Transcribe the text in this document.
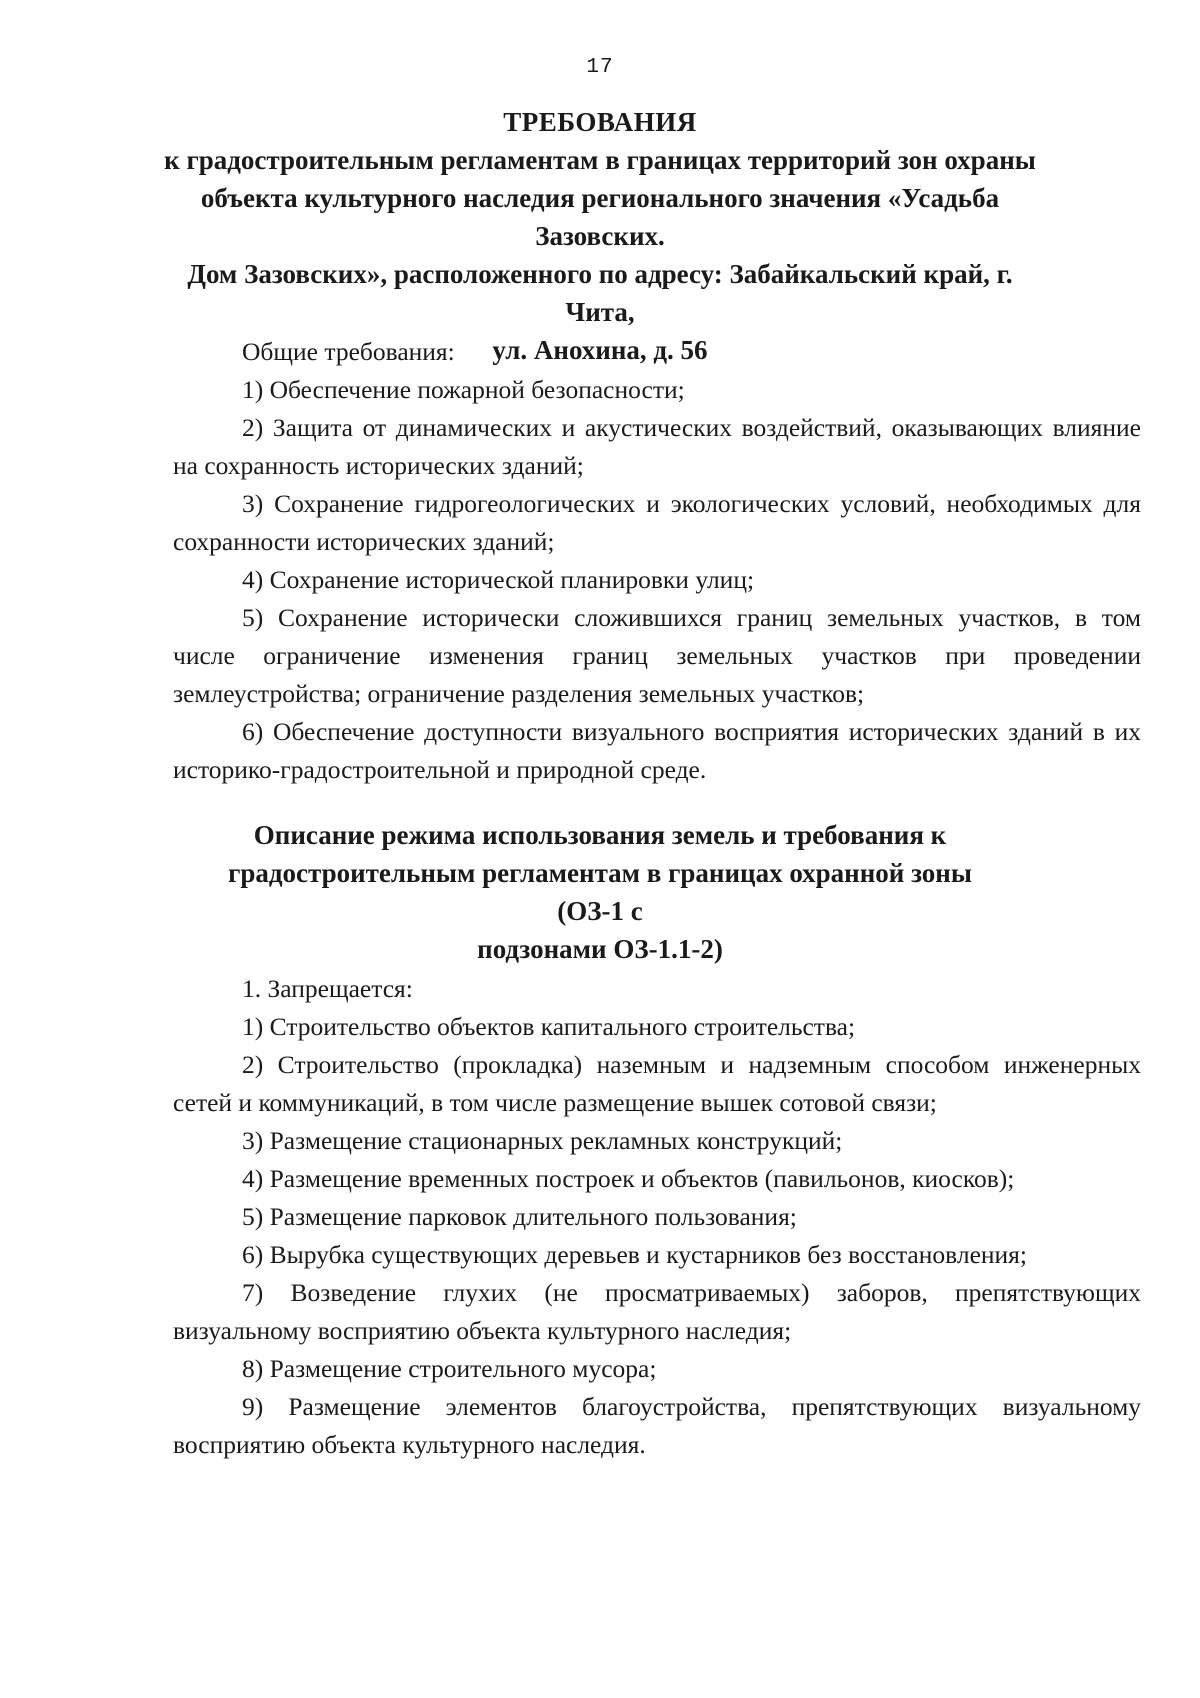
17
ТРЕБОВАНИЯ
к градостроительным регламентам в границах территорий зон охраны
объекта культурного наследия регионального значения «Усадьба Зазовских.
Дом Зазовских», расположенного по адресу: Забайкальский край, г. Чита,
ул. Анохина, д. 56

Общие требования:

1) Обеспечение пожарной безопасности;

2) Защита от динамических и акустических воздействий, оказывающих влияние на сохранность исторических зданий;

3) Сохранение гидрогеологических и экологических условий, необходимых для сохранности исторических зданий;

4) Сохранение исторической планировки улиц;

5) Сохранение исторически сложившихся границ земельных участков, в том числе ограничение изменения границ земельных участков при проведении землеустройства; ограничение разделения земельных участков;

6) Обеспечение доступности визуального восприятия исторических зданий в их историко-градостроительной и природной среде.

Описание режима использования земель и требования к
градостроительным регламентам в границах охранной зоны (ОЗ-1 с
подзонами ОЗ-1.1-2)

1. Запрещается:

1) Строительство объектов капитального строительства;

2) Строительство (прокладка) наземным и надземным способом инженерных сетей и коммуникаций, в том числе размещение вышек сотовой связи;

3) Размещение стационарных рекламных конструкций;

4) Размещение временных построек и объектов (павильонов, киосков);

5) Размещение парковок длительного пользования;

6) Вырубка существующих деревьев и кустарников без восстановления;

7) Возведение глухих (не просматриваемых) заборов, препятствующих визуальному восприятию объекта культурного наследия;

8) Размещение строительного мусора;

9) Размещение элементов благоустройства, препятствующих визуальному восприятию объекта культурного наследия.
